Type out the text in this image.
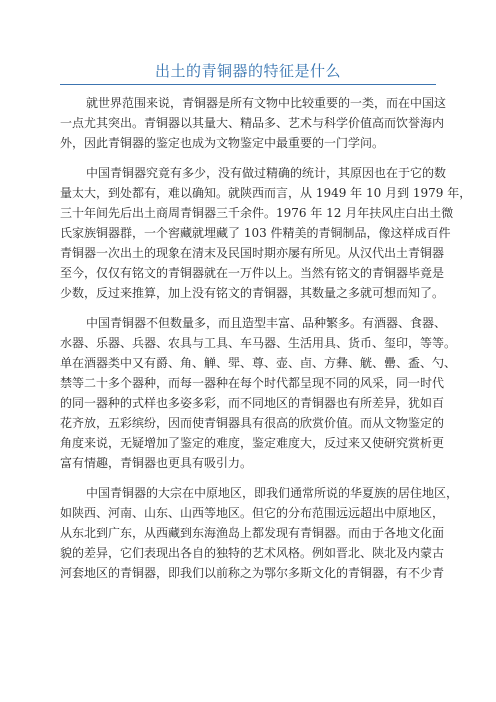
出土的青铜器的特征是什么
就世界范围来说，青铜器是所有文物中比较重要的一类，而在中国这
一点尤其突出。青铜器以其量大、精品多、艺术与科学价值高而饮誉海内
外，因此青铜器的鉴定也成为文物鉴定中最重要的一门学问。
中国青铜器究竟有多少，没有做过精确的统计，其原因也在于它的数
量太大，到处都有，难以确知。就陕西而言，从 1949 年 10 月到 1979 年，
三十年间先后出土商周青铜器三千余件。1976 年 12 月年扶风庄白出土微
氏家族铜器群，一个窖藏就埋藏了 103 件精美的青铜制品，像这样成百件
青铜器一次出土的现象在清末及民国时期亦屡有所见。从汉代出土青铜器
至今，仅仅有铭文的青铜器就在一万件以上。当然有铭文的青铜器毕竟是
少数，反过来推算，加上没有铭文的青铜器，其数量之多就可想而知了。
中国青铜器不但数量多，而且造型丰富、品种繁多。有酒器、食器、
水器、乐器、兵器、农具与工具、车马器、生活用具、货币、玺印，等等。
单在酒器类中又有爵、角、觯、斝、尊、壶、卣、方彝、觥、罍、盉、勺、
禁等二十多个器种，而每一器种在每个时代都呈现不同的风采，同一时代
的同一器种的式样也多姿多彩，而不同地区的青铜器也有所差异，犹如百
花齐放，五彩缤纷，因而使青铜器具有很高的欣赏价值。而从文物鉴定的
角度来说，无疑增加了鉴定的难度，鉴定难度大，反过来又使研究赏析更
富有情趣，青铜器也更具有吸引力。
中国青铜器的大宗在中原地区，即我们通常所说的华夏族的居住地区，
如陕西、河南、山东、山西等地区。但它的分布范围远远超出中原地区，
从东北到广东，从西藏到东海渔岛上都发现有青铜器。而由于各地文化面
貌的差异，它们表现出各自的独特的艺术风格。例如晋北、陕北及内蒙古
河套地区的青铜器，即我们以前称之为鄂尔多斯文化的青铜器，有不少青
